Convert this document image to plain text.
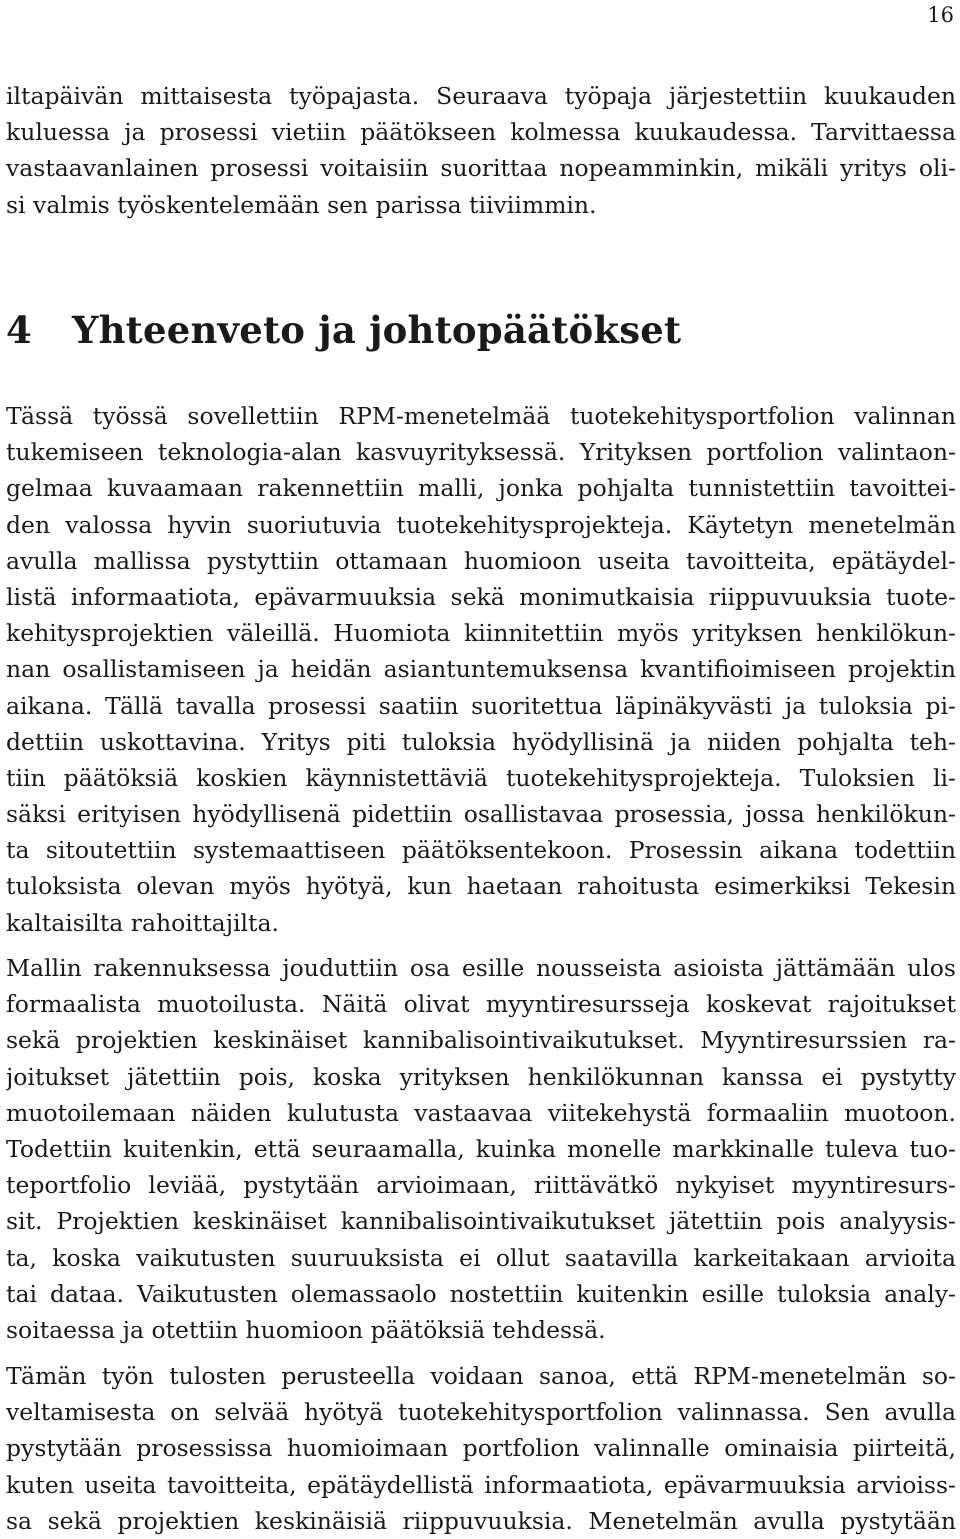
16
iltapäivän mittaisesta työpajasta. Seuraava työpaja järjestettiin kuukauden
kuluessa ja prosessi vietiin päätökseen kolmessa kuukaudessa. Tarvittaessa
vastaavanlainen prosessi voitaisiin suorittaa nopeamminkin, mikäli yritys oli-
si valmis työskentelemään sen parissa tiiviimmin.
4 Yhteenveto ja johtopäätökset
Tässä työssä sovellettiin RPM-menetelmää tuotekehitysportfolion valinnan
tukemiseen teknologia-alan kasvuyrityksessä. Yrityksen portfolion valintaon-
gelmaa kuvaamaan rakennettiin malli, jonka pohjalta tunnistettiin tavoittei-
den valossa hyvin suoriutuvia tuotekehitysprojekteja. Käytetyn menetelmän
avulla mallissa pystyttiin ottamaan huomioon useita tavoitteita, epätäydel-
listä informaatiota, epävarmuuksia sekä monimutkaisia riippuvuuksia tuote-
kehitysprojektien väleillä. Huomiota kiinnitettiin myös yrityksen henkilökun-
nan osallistamiseen ja heidän asiantuntemuksensa kvantifioimiseen projektin
aikana. Tällä tavalla prosessi saatiin suoritettua läpinäkyvästi ja tuloksia pi-
dettiin uskottavina. Yritys piti tuloksia hyödyllisinä ja niiden pohjalta teh-
tiin päätöksiä koskien käynnistettäviä tuotekehitysprojekteja. Tuloksien li-
säksi erityisen hyödyllisenä pidettiin osallistavaa prosessia, jossa henkilökun-
ta sitoutettiin systemaattiseen päätöksentekoon. Prosessin aikana todettiin
tuloksista olevan myös hyötyä, kun haetaan rahoitusta esimerkiksi Tekesin
kaltaisilta rahoittajilta.
Mallin rakennuksessa jouduttiin osa esille nousseista asioista jättämään ulos
formaalista muotoilusta. Näitä olivat myyntiresursseja koskevat rajoitukset
sekä projektien keskinäiset kannibalisointivaikutukset. Myyntiresurssien ra-
joitukset jätettiin pois, koska yrityksen henkilökunnan kanssa ei pystytty
muotoilemaan näiden kulutusta vastaavaa viitekehystä formaaliin muotoon.
Todettiin kuitenkin, että seuraamalla, kuinka monelle markkinalle tuleva tuo-
teportfolio leviää, pystytään arvioimaan, riittävätkö nykyiset myyntiresurs-
sit. Projektien keskinäiset kannibalisointivaikutukset jätettiin pois analyysis-
ta, koska vaikutusten suuruuksista ei ollut saatavilla karkeitakaan arvioita
tai dataa. Vaikutusten olemassaolo nostettiin kuitenkin esille tuloksia analy-
soitaessa ja otettiin huomioon päätöksiä tehdessä.
Tämän työn tulosten perusteella voidaan sanoa, että RPM-menetelmän so-
veltamisesta on selvää hyötyä tuotekehitysportfolion valinnassa. Sen avulla
pystytään prosessissa huomioimaan portfolion valinnalle ominaisia piirteitä,
kuten useita tavoitteita, epätäydellistä informaatiota, epävarmuuksia arvioiss-
sa sekä projektien keskinäisiä riippuvuuksia. Menetelmän avulla pystytään
